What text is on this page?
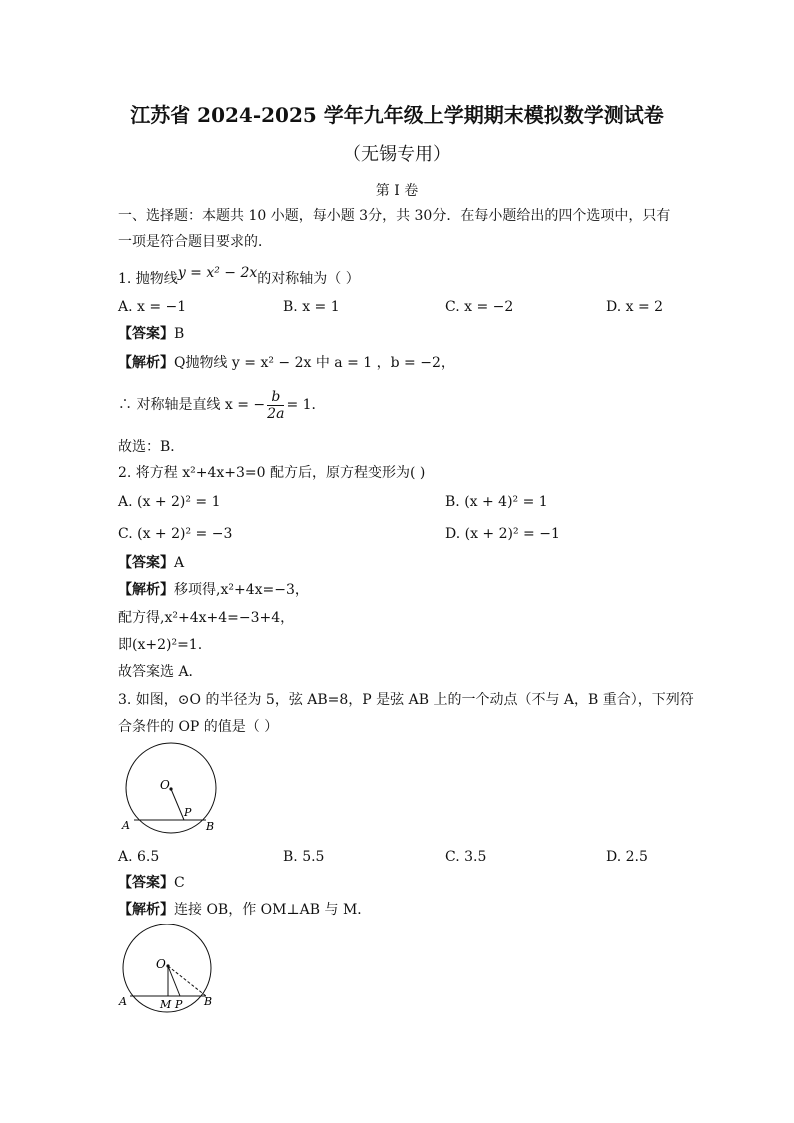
江苏省 2024-2025 学年九年级上学期期末模拟数学测试卷
（无锡专用）
第 I 卷
一、选择题：本题共 10 小题，每小题 3分，共 30分．在每小题给出的四个选项中，只有
一项是符合题目要求的．
1. 抛物线y = x² − 2x的对称轴为（ ）
A. x = −1	B. x = 1	C. x = −2	D. x = 2
【答案】B
【解析】Q抛物线 y = x² − 2x 中 a = 1 ，b = −2，
∴ 对称轴是直线 x = − $\frac{b}{2a} = 1$．
故选：B．
2. 将方程 x²+4x+3=0 配方后，原方程变形为( )
A. (x + 2)² = 1	B. (x + 4)² = 1
C. (x + 2)² = −3	D. (x + 2)² = −1
【答案】A
【解析】移项得,x²+4x=−3，
配方得,x²+4x+4=−3+4，
即(x+2)²=1.
故答案选 A．
3. 如图，⊙O 的半径为 5，弦 AB=8，P 是弦 AB 上的一个动点（不与 A，B 重合），下列符
合条件的 OP 的值是（ ）
O
P
A	B
A. 6.5	B. 5.5	C. 3.5	D. 2.5
【答案】C
【解析】连接 OB，作 OM⊥AB 与 M．
O
M P
A	B
